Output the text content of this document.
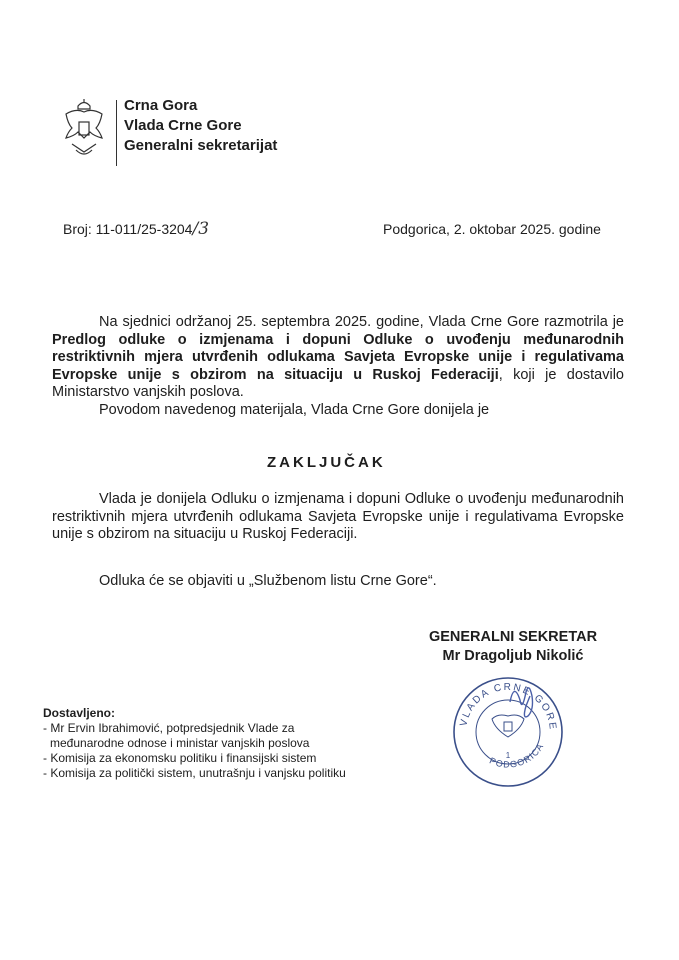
Crna Gora
Vlada Crne Gore
Generalni sekretarijat
Broj: 11-011/25-3204/3	Podgorica, 2. oktobar 2025. godine
Na sjednici održanoj 25. septembra 2025. godine, Vlada Crne Gore razmotrila je Predlog odluke o izmjenama i dopuni Odluke o uvođenju međunarodnih restriktivnih mjera utvrđenih odlukama Savjeta Evropske unije i regulativama Evropske unije s obzirom na situaciju u Ruskoj Federaciji, koji je dostavilo Ministarstvo vanjskih poslova.
Povodom navedenog materijala, Vlada Crne Gore donijela je
ZAKLJUČAK
Vlada je donijela Odluku o izmjenama i dopuni Odluke o uvođenju međunarodnih restriktivnih mjera utvrđenih odlukama Savjeta Evropske unije i regulativama Evropske unije s obzirom na situaciju u Ruskoj Federaciji.
Odluka će se objaviti u „Službenom listu Crne Gore“.
GENERALNI SEKRETAR
Mr Dragoljub Nikolić
VLADA CRNE GORE
PODGORICA
1
Dostavljeno:
- Mr Ervin Ibrahimović, potpredsjednik Vlade za
međunarodne odnose i ministar vanjskih poslova
- Komisija za ekonomsku politiku i finansijski sistem
- Komisija za politički sistem, unutrašnju i vanjsku politiku
